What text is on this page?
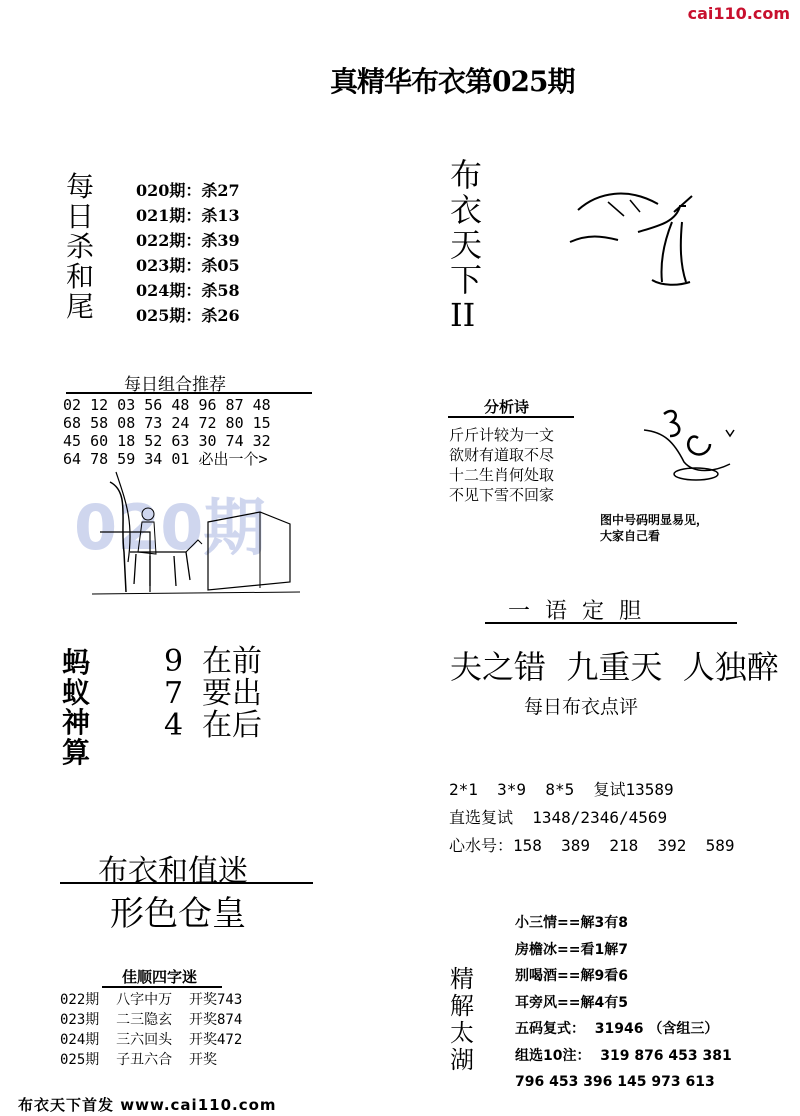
cai110.com
真精华布衣第025期
每
日
杀
和
尾
020期：杀27
021期：杀13
022期：杀39
023期：杀05
024期：杀58
025期：杀26
每日组合推荐
02 12 03 56 48 96 87 48
68 58 08 73 24 72 80 15
45 60 18 52 63 30 74 32
64 78 59 34 01 必出一个>
020期
布
衣
天
下
II
分析诗
斤斤计较为一文
欲财有道取不尽
十二生肖何处取
不见下雪不回家
图中号码明显易见，
大家自己看
一 语 定 胆
夫之错  九重天  人独醉
每日布衣点评
蚂
蚁
神
算
9 在前
7 要出
4 在后
2*1  3*9  8*5  复试13589
直选复试  1348/2346/4569
心水号：158  389  218  392  589
布衣和值迷
形色仓皇
佳顺四字迷
022期  八字中万  开奖743
023期  二三隐玄  开奖874
024期  三六回头  开奖472
025期  子丑六合  开奖
精
解
太
湖
小三情==解3有8
房檐冰==看1解7
别喝酒==解9看6
耳旁风==解4有5
五码复式：  31946 （含组三）
组选10注：  319 876 453 381
796 453 396 145 973 613
布衣天下首发 www.cai110.com
